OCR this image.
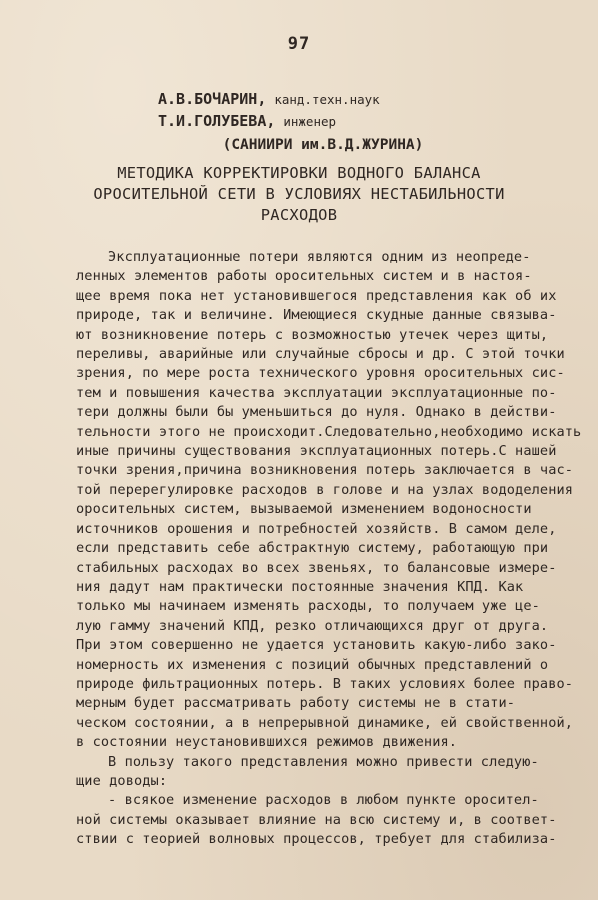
97
А.В.БОЧАРИН, канд.техн.наук
Т.И.ГОЛУБЕВА, инженер
(САНИИРИ им.В.Д.ЖУРИНА)
МЕТОДИКА КОРРЕКТИРОВКИ ВОДНОГО БАЛАНСА
ОРОСИТЕЛЬНОЙ СЕТИ В УСЛОВИЯХ НЕСТАБИЛЬНОСТИ
РАСХОДОВ
Эксплуатационные потери являются одним из неопреде-
ленных элементов работы оросительных систем и в настоя-
щее время пока нет установившегося представления как об их
природе, так и величине. Имеющиеся скудные данные связыва-
ют возникновение потерь с возможностью утечек через щиты,
переливы, аварийные или случайные сбросы и др. С этой точки
зрения, по мере роста технического уровня оросительных сис-
тем и повышения качества эксплуатации эксплуатационные по-
тери должны были бы уменьшиться до нуля. Однако в действи-
тельности этого не происходит.Следовательно,необходимо искать
иные причины существования эксплуатационных потерь.С нашей
точки зрения,причина возникновения потерь заключается в час-
той перерегулировке расходов в голове и на узлах вододеления
оросительных систем, вызываемой изменением водоносности
источников орошения и потребностей хозяйств. В самом деле,
если представить себе абстрактную систему, работающую при
стабильных расходах во всех звеньях, то балансовые измере-
ния дадут нам практически постоянные значения КПД. Как
только мы начинаем изменять расходы, то получаем уже це-
лую гамму значений КПД, резко отличающихся друг от друга.
При этом совершенно не удается установить какую-либо зако-
номерность их изменения с позиций обычных представлений о
природе фильтрационных потерь. В таких условиях более право-
мерным будет рассматривать работу системы не в стати-
ческом состоянии, а в непрерывной динамике, ей свойственной,
в состоянии неустановившихся режимов движения.
В пользу такого представления можно привести следую-
щие доводы:
- всякое изменение расходов в любом пункте оросител-
ной системы оказывает влияние на всю систему и, в соответ-
ствии с теорией волновых процессов, требует для стабилиза-
